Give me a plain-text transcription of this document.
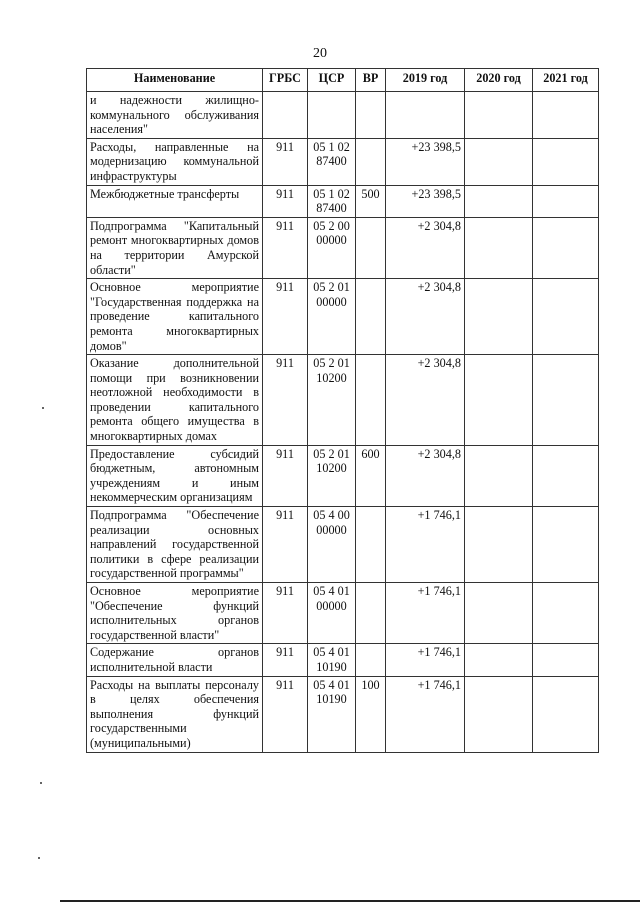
20
Наименование	ГРБС	ЦСР	ВР	2019 год	2020 год	2021 год
и надежности жилищно-коммунального обслуживания населения"						
Расходы, направленные на модернизацию коммунальной инфраструктуры	911	05 1 02 87400		+23 398,5		
Межбюджетные трансферты	911	05 1 02 87400	500	+23 398,5		
Подпрограмма "Капитальный ремонт многоквартирных домов на территории Амурской области"	911	05 2 00 00000		+2 304,8		
Основное мероприятие "Государственная поддержка на проведение капитального ремонта многоквартирных домов"	911	05 2 01 00000		+2 304,8		
Оказание дополнительной помощи при возникновении неотложной необходимости в проведении капитального ремонта общего имущества в многоквартирных домах	911	05 2 01 10200		+2 304,8		
Предоставление субсидий бюджетным, автономным учреждениям и иным некоммерческим организациям	911	05 2 01 10200	600	+2 304,8		
Подпрограмма "Обеспечение реализации основных направлений государственной политики в сфере реализации государственной программы"	911	05 4 00 00000		+1 746,1		
Основное мероприятие "Обеспечение функций исполнительных органов государственной власти"	911	05 4 01 00000		+1 746,1		
Содержание органов исполнительной власти	911	05 4 01 10190		+1 746,1		
Расходы на выплаты персоналу в целях обеспечения выполнения функций государственными (муниципальными)	911	05 4 01 10190	100	+1 746,1		
